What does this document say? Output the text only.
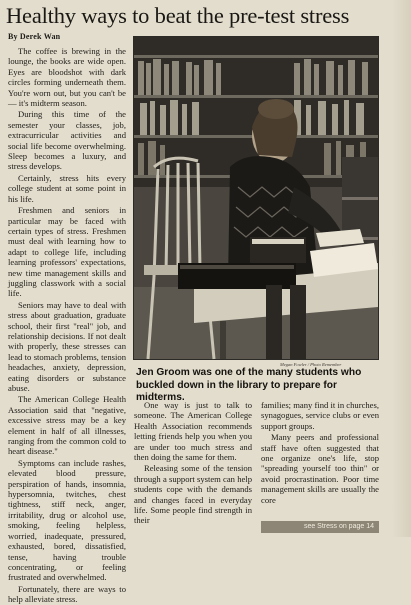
Healthy ways to beat the pre-test stress
By Derek Wan

The coffee is brewing in the lounge, the books are wide open. Eyes are bloodshot with dark circles forming underneath them. You're worn out, but you can't be — it's midterm season.

During this time of the semester your classes, job, extracurricular activities and social life become overwhelming. Sleep becomes a luxury, and stress develops.

Certainly, stress hits every college student at some point in his life.

Freshmen and seniors in particular may be faced with certain types of stress. Freshmen must deal with learning how to adapt to college life, including learning professors' expectations, new time management skills and juggling classwork with a social life.

Seniors may have to deal with stress about graduation, graduate school, their first "real" job, and relationship decisions. If not dealt with properly, these stresses can lead to stomach problems, tension headaches, anxiety, depression, eating disorders or substance abuse.

The American College Health Association said that "negative, excessive stress may be a key element in half of all illnesses, ranging from the common cold to heart disease."

Symptoms can include rashes, elevated blood pressure, perspiration of hands, insomnia, hypersomnia, twitches, chest tightness, stiff neck, anger, irritability, drug or alcohol use, smoking, feeling helpless, worried, inadequate, pressured, exhausted, bored, dissatisfied, tense, having trouble concentrating, or feeling frustrated and overwhelmed.

Fortunately, there are ways to help alleviate stress.

Megan Fowler / Photo Remember
Jen Groom was one of the many students who buckled down in the library to prepare for midterms.

One way is just to talk to someone. The American College Health Association recommends letting friends help you when you are under too much stress and then doing the same for them.

Releasing some of the tension through a support system can help students cope with the demands and changes faced in everyday life. Some people find strength in their

families; many find it in churches, synagogues, service clubs or even support groups.

Many peers and professional staff have often suggested that one organize one's life, stop "spreading yourself too thin" or avoid procrastination. Poor time management skills are usually the core

see Stress on page 14
